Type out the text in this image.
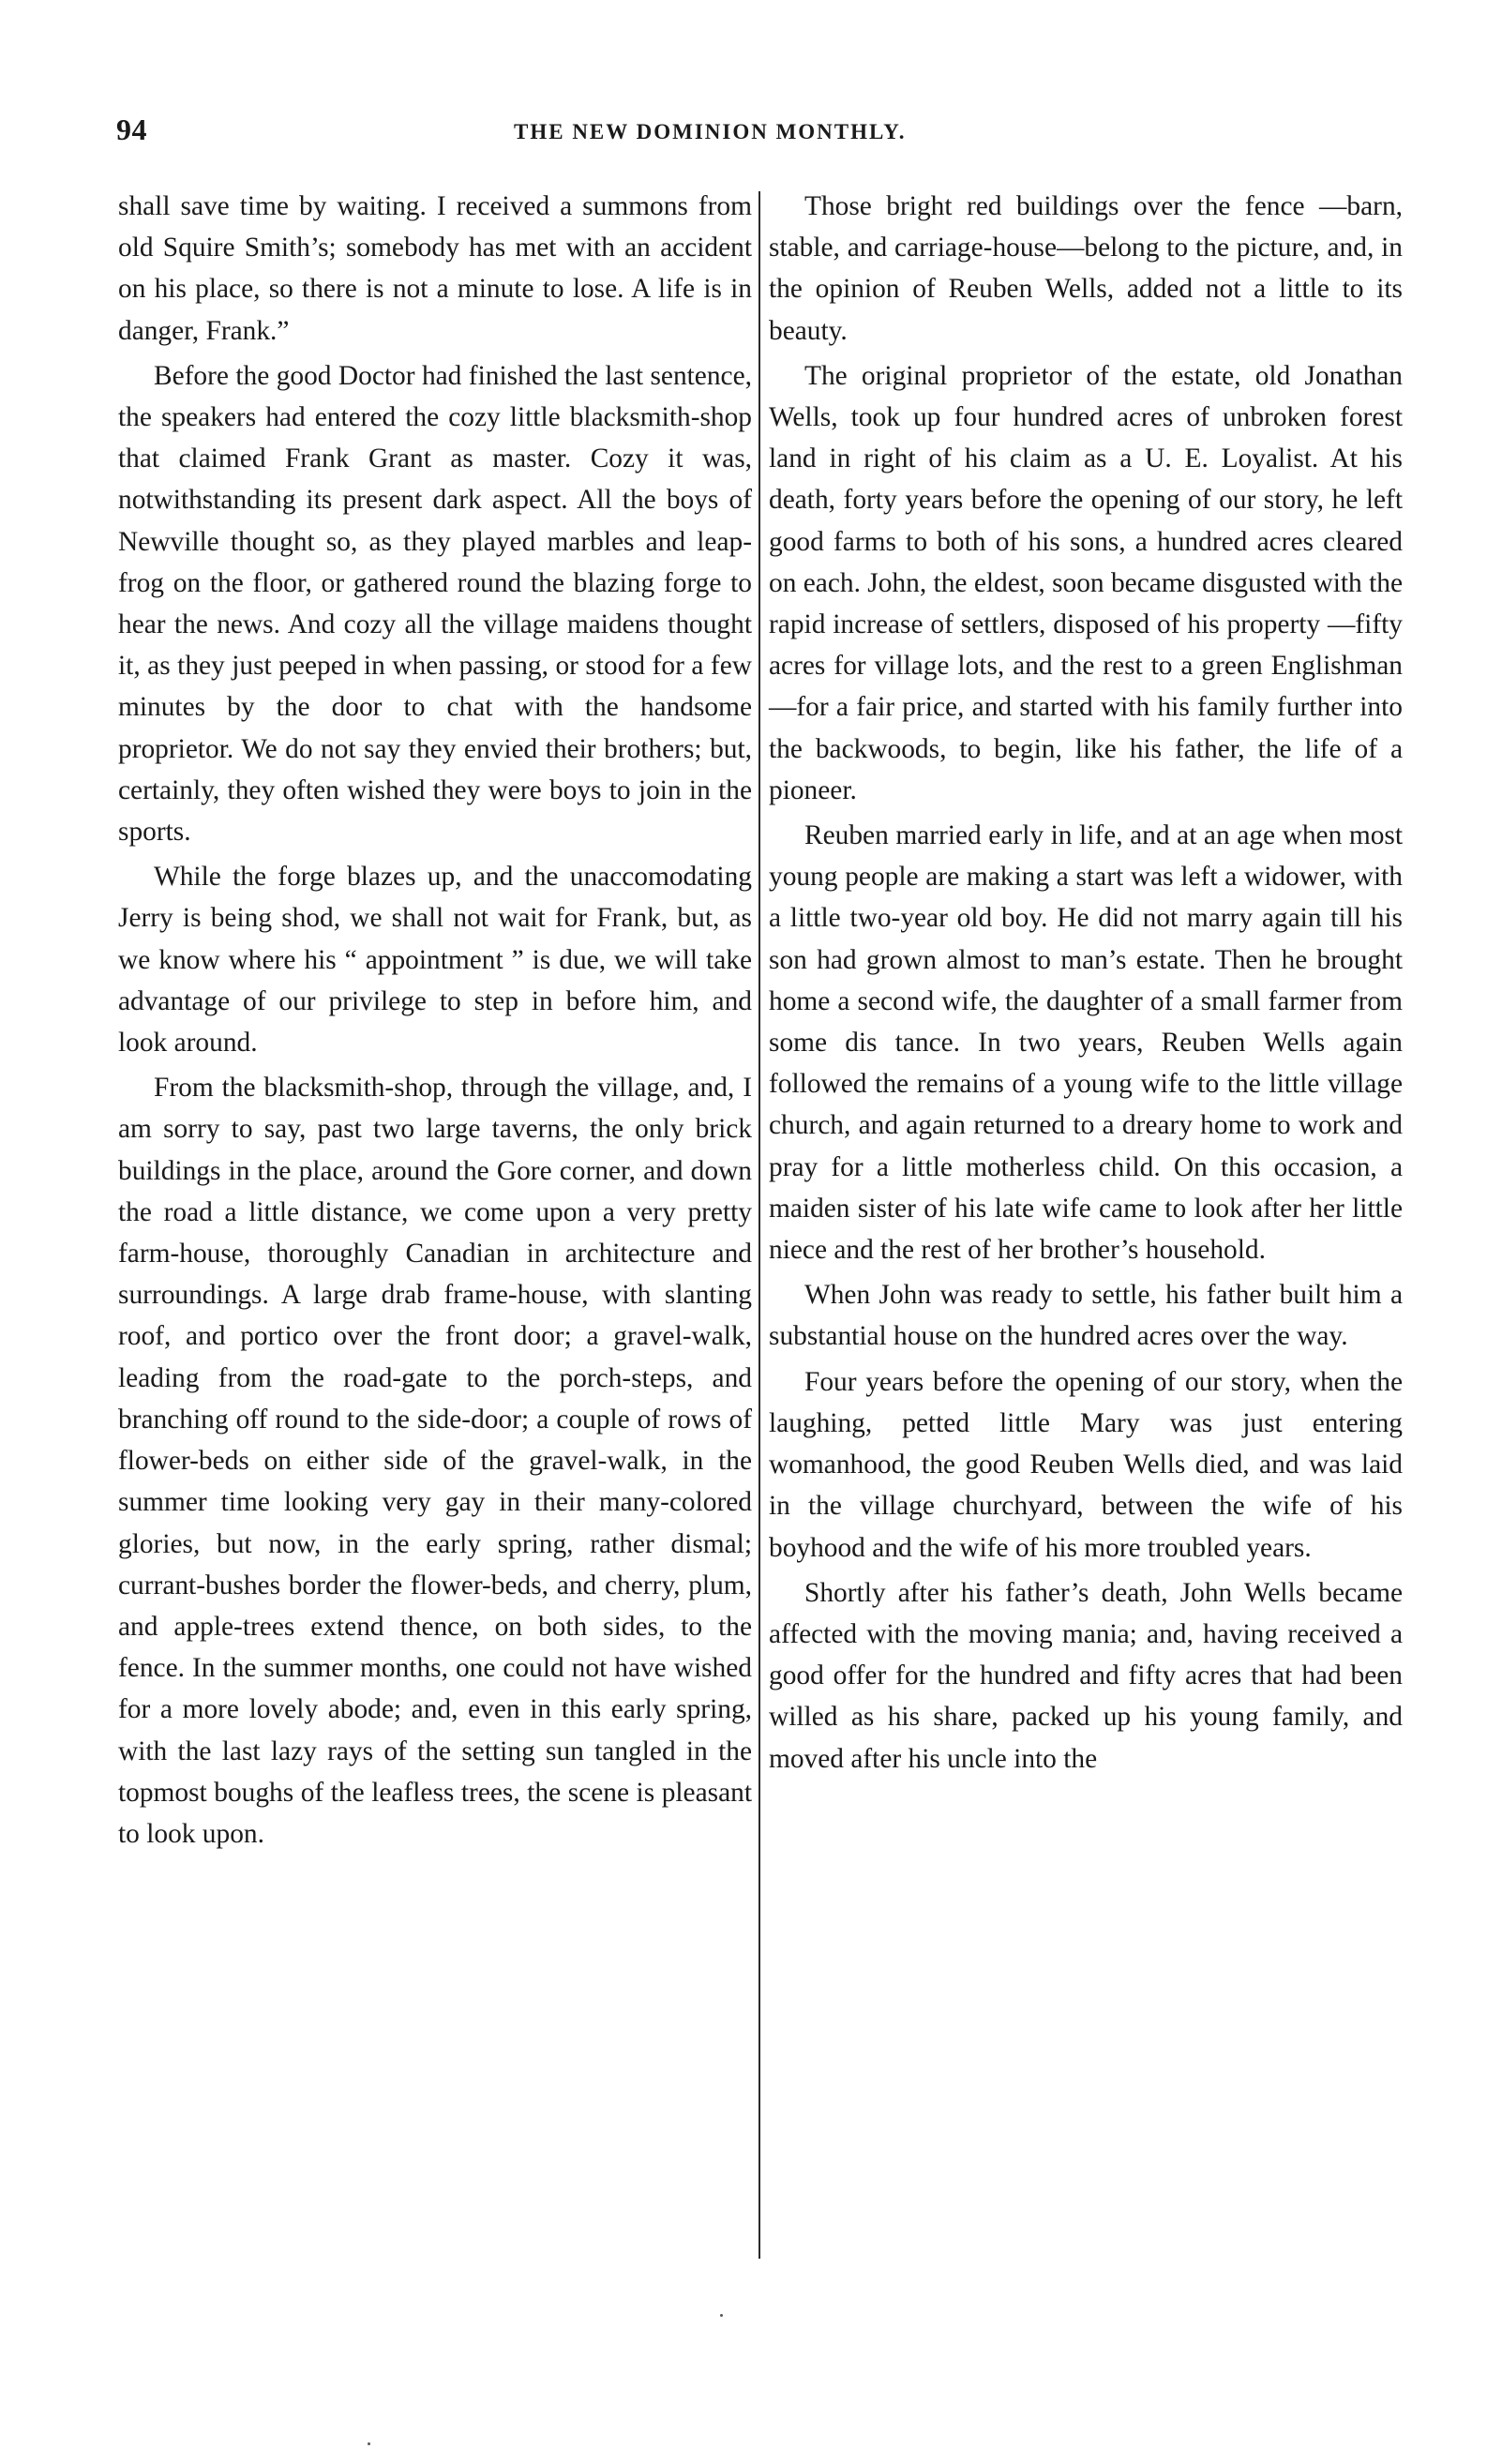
94	THE NEW DOMINION MONTHLY.

shall save time by waiting. I received a summons from old Squire Smith’s; somebody has met with an accident on his place, so there is not a minute to lose. A life is in danger, Frank.”

Before the good Doctor had finished the last sentence, the speakers had entered the cozy little blacksmith-shop that claimed Frank Grant as master. Cozy it was, notwithstanding its present dark aspect. All the boys of Newville thought so, as they played marbles and leap-frog on the floor, or gathered round the blazing forge to hear the news. And cozy all the village maidens thought it, as they just peeped in when passing, or stood for a few minutes by the door to chat with the handsome proprietor. We do not say they envied their brothers; but, certainly, they often wished they were boys to join in the sports.

While the forge blazes up, and the unaccomodating Jerry is being shod, we shall not wait for Frank, but, as we know where his “ appointment ” is due, we will take advantage of our privilege to step in before him, and look around.

From the blacksmith-shop, through the village, and, I am sorry to say, past two large taverns, the only brick buildings in the place, around the Gore corner, and down the road a little distance, we come upon a very pretty farm-house, thoroughly Canadian in architecture and surroundings. A large drab frame-house, with slanting roof, and portico over the front door; a gravel-walk, leading from the road-gate to the porch-steps, and branching off round to the side-door; a couple of rows of flower-beds on either side of the gravel-walk, in the summer time looking very gay in their many-colored glories, but now, in the early spring, rather dismal; currant-bushes border the flower-beds, and cherry, plum, and apple-trees extend thence, on both sides, to the fence. In the summer months, one could not have wished for a more lovely abode; and, even in this early spring, with the last lazy rays of the setting sun tangled in the topmost boughs of the leafless trees, the scene is pleasant to look upon.

Those bright red buildings over the fence —barn, stable, and carriage-house—belong to the picture, and, in the opinion of Reuben Wells, added not a little to its beauty.

The original proprietor of the estate, old Jonathan Wells, took up four hundred acres of unbroken forest land in right of his claim as a U. E. Loyalist. At his death, forty years before the opening of our story, he left good farms to both of his sons, a hundred acres cleared on each. John, the eldest, soon became disgusted with the rapid increase of settlers, disposed of his property —fifty acres for village lots, and the rest to a green Englishman—for a fair price, and started with his family further into the backwoods, to begin, like his father, the life of a pioneer.

Reuben married early in life, and at an age when most young people are making a start was left a widower, with a little two-year old boy. He did not marry again till his son had grown almost to man’s estate. Then he brought home a second wife, the daughter of a small farmer from some dis tance. In two years, Reuben Wells again followed the remains of a young wife to the little village church, and again returned to a dreary home to work and pray for a little motherless child. On this occasion, a maiden sister of his late wife came to look after her little niece and the rest of her brother’s household.

When John was ready to settle, his father built him a substantial house on the hundred acres over the way.

Four years before the opening of our story, when the laughing, petted little Mary was just entering womanhood, the good Reuben Wells died, and was laid in the village churchyard, between the wife of his boyhood and the wife of his more troubled years.

Shortly after his father’s death, John Wells became affected with the moving mania; and, having received a good offer for the hundred and fifty acres that had been willed as his share, packed up his young family, and moved after his uncle into the
